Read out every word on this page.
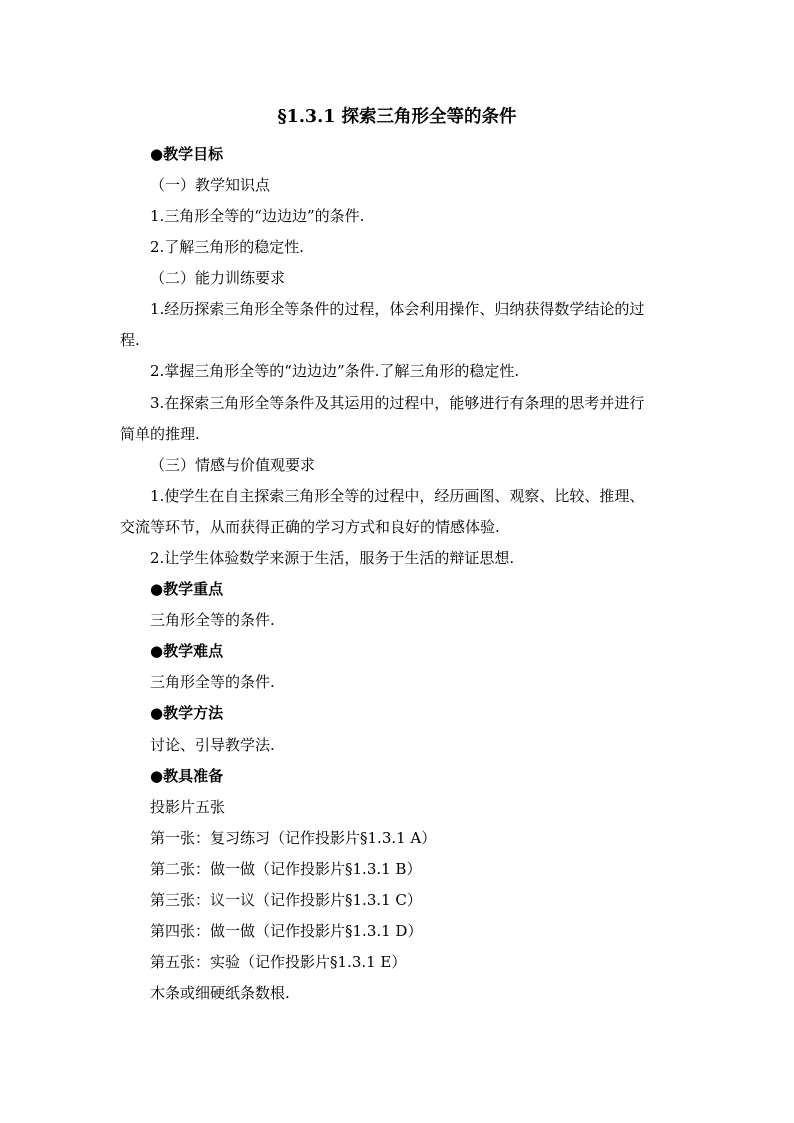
§1.3.1 探索三角形全等的条件
●教学目标
（一）教学知识点
1.三角形全等的“边边边”的条件.
2.了解三角形的稳定性.
（二）能力训练要求
1.经历探索三角形全等条件的过程，体会利用操作、归纳获得数学结论的过
程.
2.掌握三角形全等的“边边边”条件.了解三角形的稳定性.
3.在探索三角形全等条件及其运用的过程中，能够进行有条理的思考并进行
简单的推理.
（三）情感与价值观要求
1.使学生在自主探索三角形全等的过程中，经历画图、观察、比较、推理、
交流等环节，从而获得正确的学习方式和良好的情感体验.
2.让学生体验数学来源于生活，服务于生活的辩证思想.
●教学重点
三角形全等的条件.
●教学难点
三角形全等的条件.
●教学方法
讨论、引导教学法.
●教具准备
投影片五张
第一张：复习练习（记作投影片§1.3.1 A）
第二张：做一做（记作投影片§1.3.1 B）
第三张：议一议（记作投影片§1.3.1 C）
第四张：做一做（记作投影片§1.3.1 D）
第五张：实验（记作投影片§1.3.1 E）
木条或细硬纸条数根.
